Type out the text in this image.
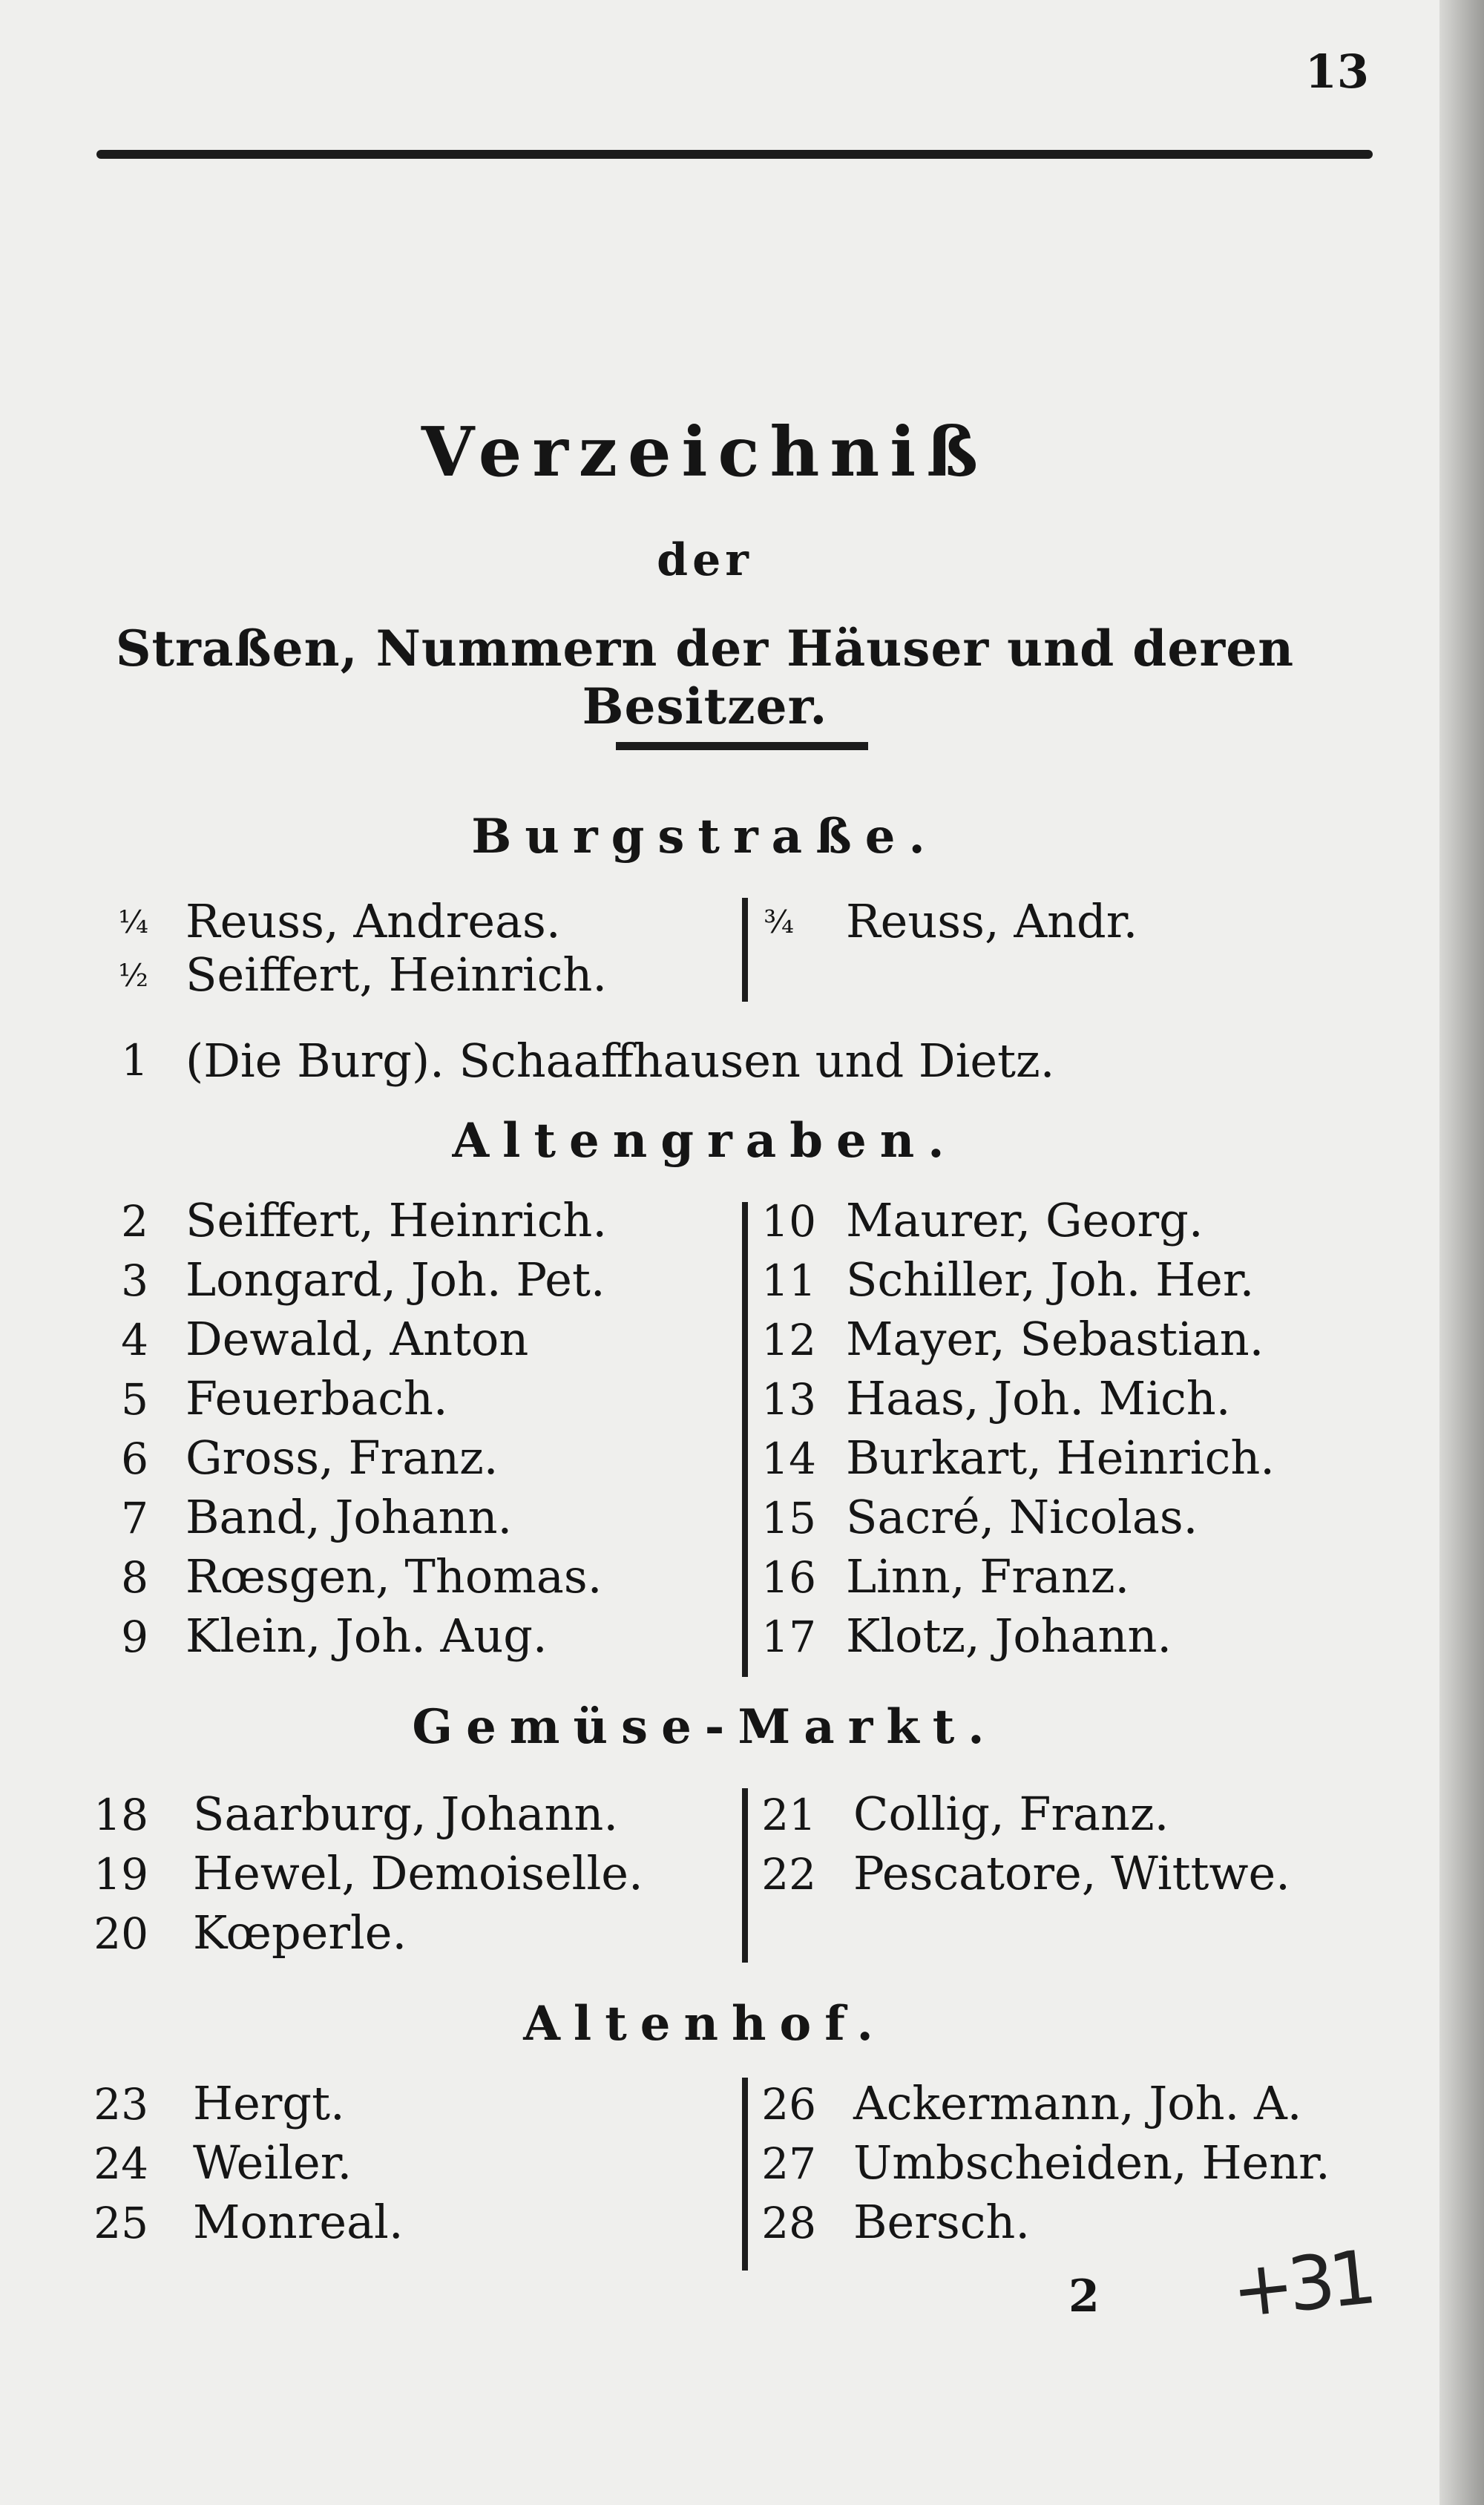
13
Verzeichniß
der
Straßen, Nummern der Häuser und deren Besitzer.
Burgstraße.
¼ Reuss, Andreas.
½ Seiffert, Heinrich.
¾ Reuss, Andr.
1 (Die Burg). Schaaffhausen und Dietz.
Altengraben.
2 Seiffert, Heinrich.
3 Longard, Joh. Pet.
4 Dewald, Anton
5 Feuerbach.
6 Gross, Franz.
7 Band, Johann.
8 Rœsgen, Thomas.
9 Klein, Joh. Aug.
10 Maurer, Georg.
11 Schiller, Joh. Her.
12 Mayer, Sebastian.
13 Haas, Joh. Mich.
14 Burkart, Heinrich.
15 Sacré, Nicolas.
16 Linn, Franz.
17 Klotz, Johann.
Gemüse-Markt.
18 Saarburg, Johann.
19 Hewel, Demoiselle.
20 Kœperle.
21 Collig, Franz.
22 Pescatore, Wittwe.
Altenhof.
23 Hergt.
24 Weiler.
25 Monreal.
26 Ackermann, Joh. A.
27 Umbscheiden, Henr.
28 Bersch.
2 +31
